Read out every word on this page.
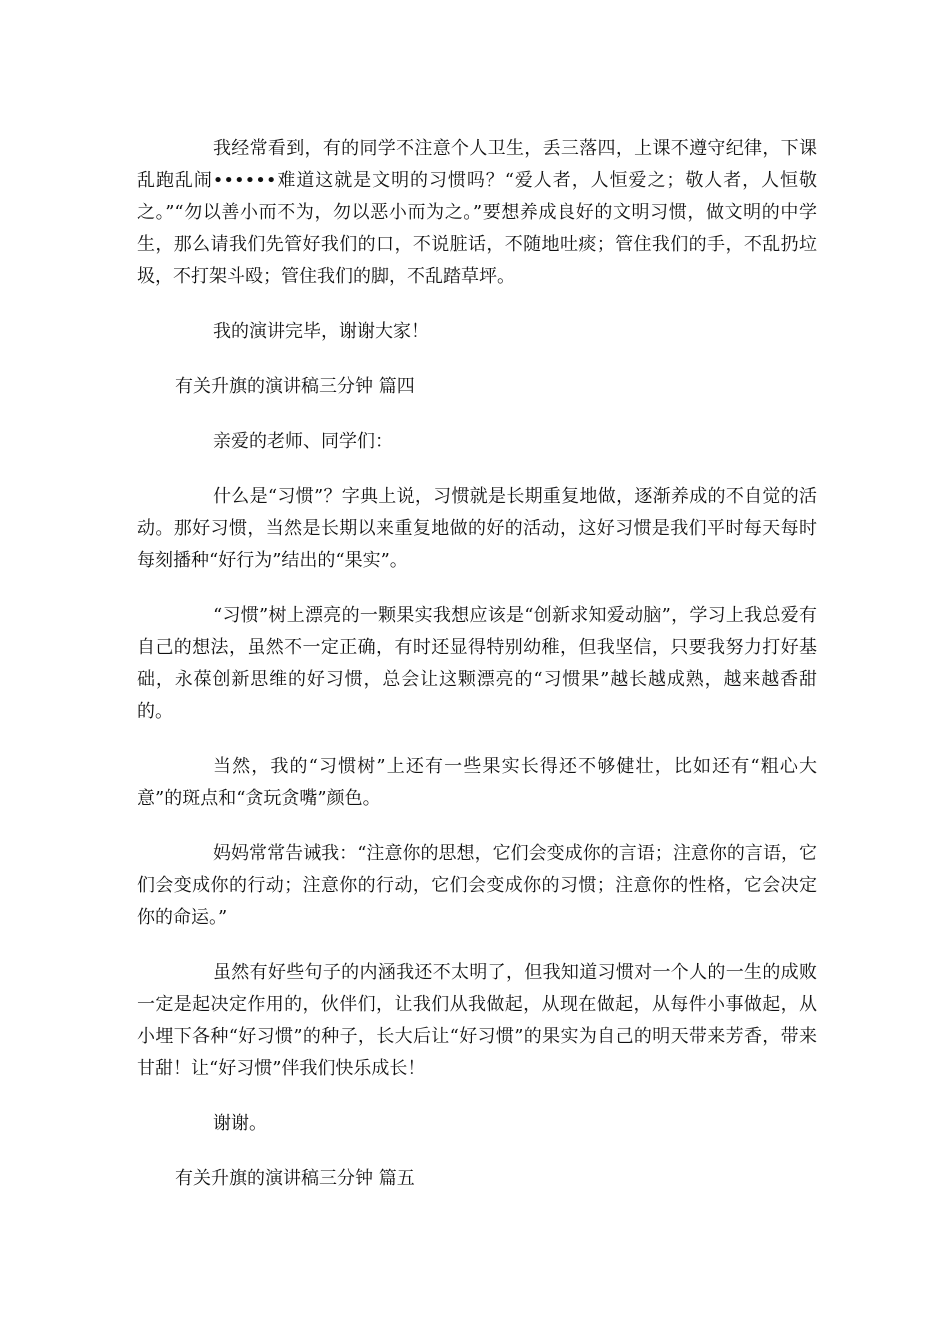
我经常看到，有的同学不注意个人卫生，丢三落四，上课不遵守纪律，下课乱跑乱闹••••••难道这就是文明的习惯吗？“爱人者，人恒爱之；敬人者，人恒敬之。”“勿以善小而不为，勿以恶小而为之。”要想养成良好的文明习惯，做文明的中学生，那么请我们先管好我们的口，不说脏话，不随地吐痰；管住我们的手，不乱扔垃圾，不打架斗殴；管住我们的脚，不乱踏草坪。

我的演讲完毕，谢谢大家！

有关升旗的演讲稿三分钟 篇四

亲爱的老师、同学们：

什么是“习惯”？字典上说，习惯就是长期重复地做，逐渐养成的不自觉的活动。那好习惯，当然是长期以来重复地做的好的活动，这好习惯是我们平时每天每时每刻播种“好行为”结出的“果实”。

“习惯”树上漂亮的一颗果实我想应该是“创新求知爱动脑”，学习上我总爱有自己的想法，虽然不一定正确，有时还显得特别幼稚，但我坚信，只要我努力打好基础，永葆创新思维的好习惯，总会让这颗漂亮的“习惯果”越长越成熟，越来越香甜的。

当然，我的“习惯树”上还有一些果实长得还不够健壮，比如还有“粗心大意”的斑点和“贪玩贪嘴”颜色。

妈妈常常告诫我：“注意你的思想，它们会变成你的言语；注意你的言语，它们会变成你的行动；注意你的行动，它们会变成你的习惯；注意你的性格，它会决定你的命运。”

虽然有好些句子的内涵我还不太明了，但我知道习惯对一个人的一生的成败一定是起决定作用的，伙伴们，让我们从我做起，从现在做起，从每件小事做起，从小埋下各种“好习惯”的种子，长大后让“好习惯”的果实为自己的明天带来芳香，带来甘甜！让“好习惯”伴我们快乐成长！

谢谢。

有关升旗的演讲稿三分钟 篇五
